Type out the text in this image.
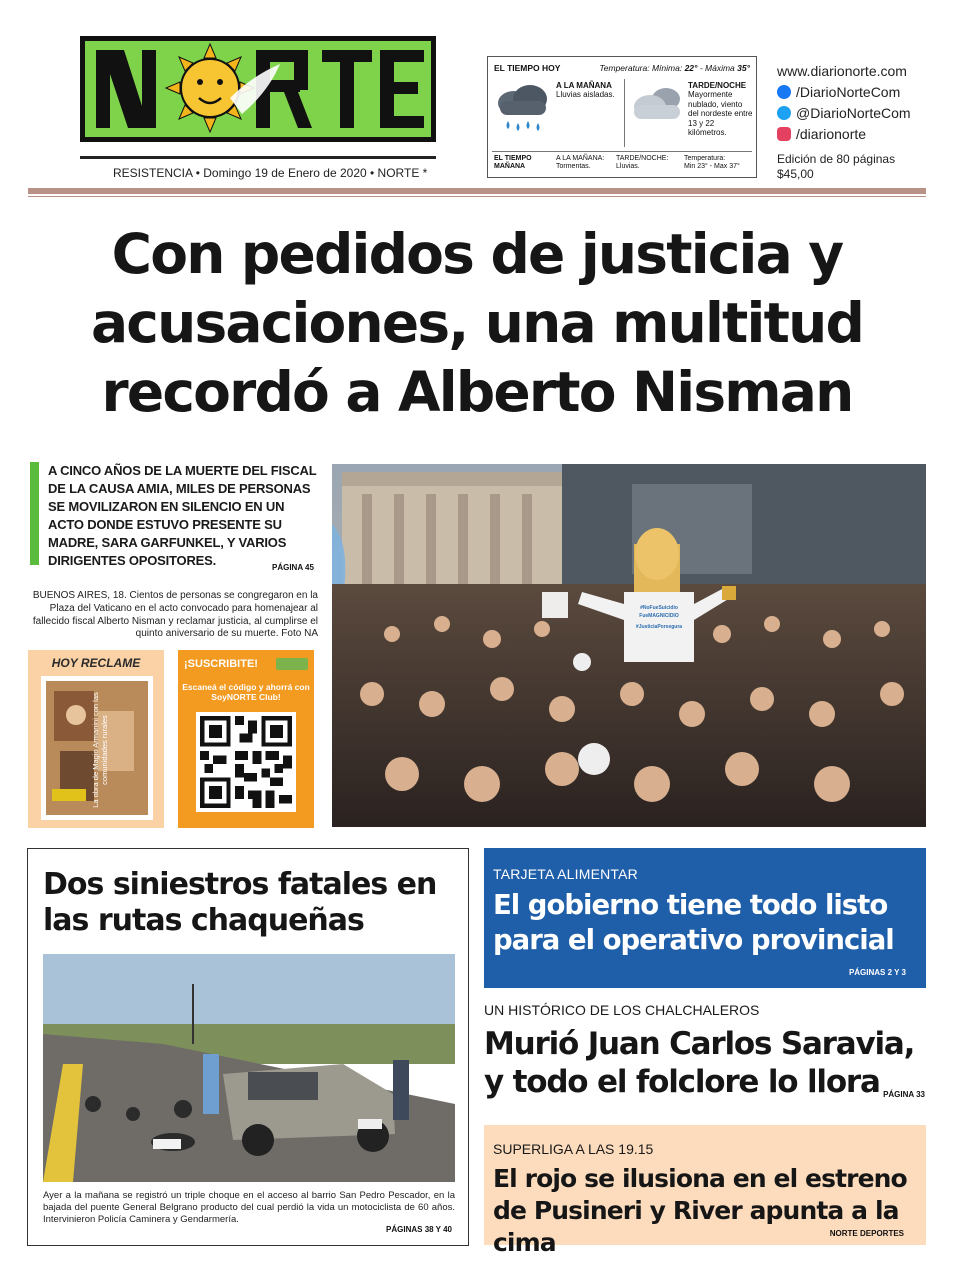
RESISTENCIA • Domingo 19 de Enero de 2020 • NORTE *
EL TIEMPO HOY	Temperatura: Mínima: 22° - Máxima 35°
A LA MAÑANA
Lluvias aisladas.
TARDE/NOCHE
Mayormente nublado, viento del nordeste entre 13 y 22 kilómetros.
EL TIEMPO MAÑANA
A LA MAÑANA:
Tormentas.
TARDE/NOCHE:
Lluvias.
Temperatura:
Min 23° - Max 37°
www.diarionorte.com
/DiarioNorteCom
@DiarioNorteCom
/diarionorte
Edición de 80 páginas
$45,00
Con pedidos de justicia y acusaciones, una multitud recordó a Alberto Nisman
A CINCO AÑOS DE LA MUERTE DEL FISCAL DE LA CAUSA AMIA, MILES DE PERSONAS SE MOVILIZARON EN SILENCIO EN UN ACTO DONDE ESTUVO PRESENTE SU MADRE, SARA GARFUNKEL, Y VARIOS DIRIGENTES OPOSITORES.	PÁGINA 45
BUENOS AIRES, 18. Cientos de personas se congregaron en la Plaza del Vaticano en el acto convocado para homenajear al fallecido fiscal Alberto Nisman y reclamar justicia, al cumplirse el quinto aniversario de su muerte. Foto NA
HOY RECLAME
La obra de Magio Armanini con las comunidades rurales
¡SUSCRIBITE!
Escaneá el código y ahorrá con SoyNORTE Club!
#NoFueSuicidio
FueMAGNICIDIO
#JusticiaPorsegura
Dos siniestros fatales en las rutas chaqueñas
Ayer a la mañana se registró un triple choque en el acceso al barrio San Pedro Pescador, en la bajada del puente General Belgrano producto del cual perdió la vida un motociclista de 60 años. Intervinieron Policía Caminera y Gendarmería.
PÁGINAS 38 Y 40
TARJETA ALIMENTAR
El gobierno tiene todo listo para el operativo provincial
PÁGINAS 2 Y 3
UN HISTÓRICO DE LOS CHALCHALEROS
Murió Juan Carlos Saravia, y todo el folclore lo llora PÁGINA 33
SUPERLIGA A LAS 19.15
El rojo se ilusiona en el estreno de Pusineri y River apunta a la cima	NORTE DEPORTES
